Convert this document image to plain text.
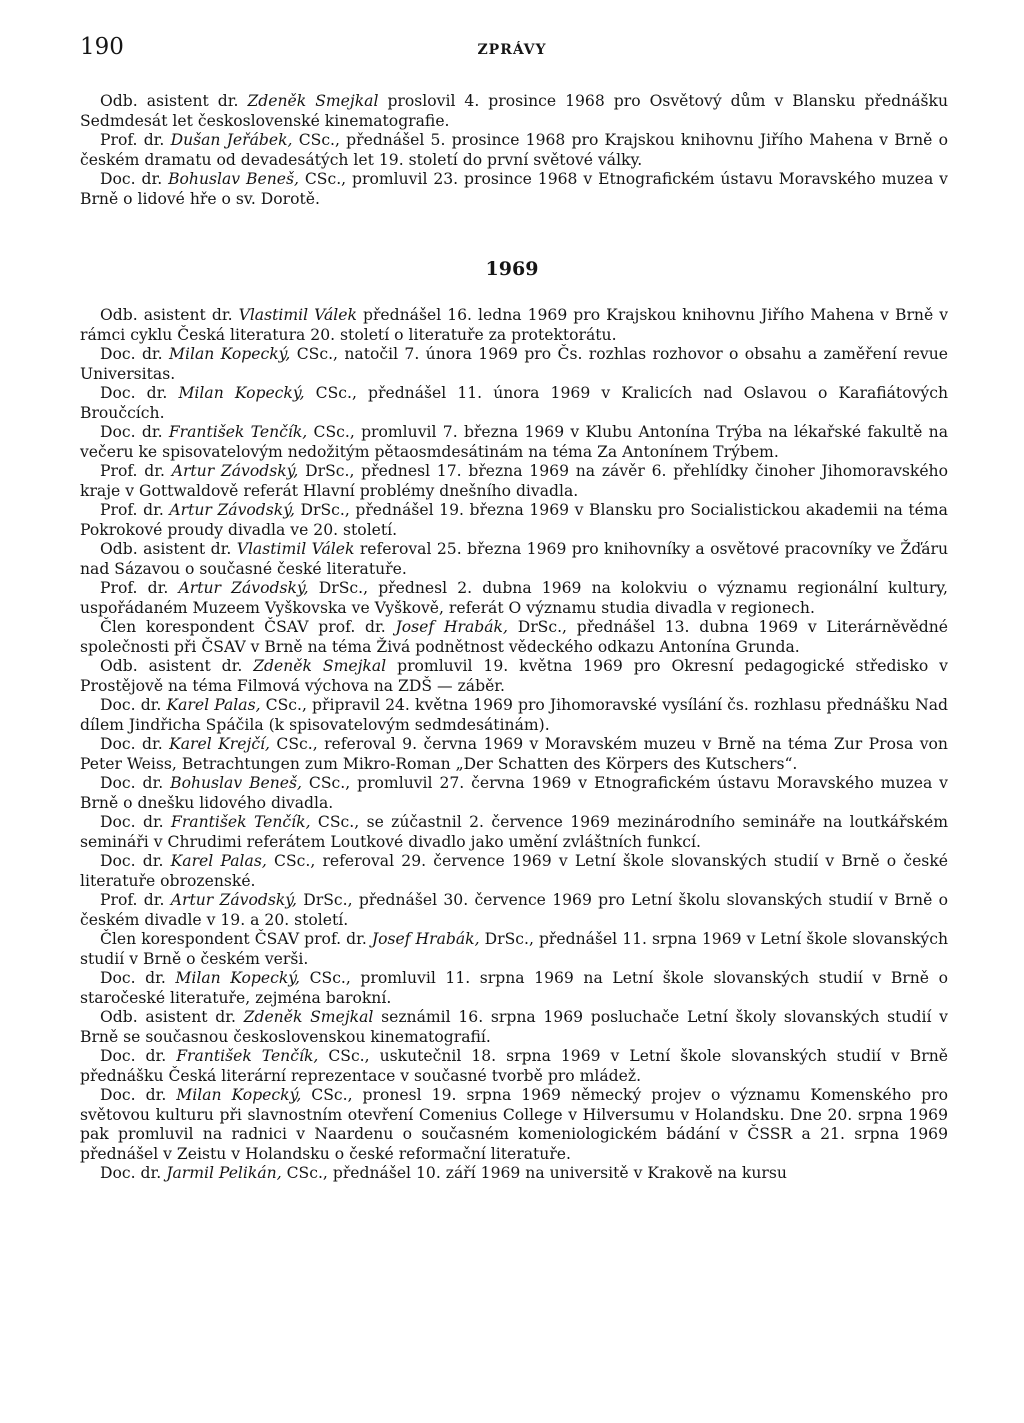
190	ZPRÁVY

Odb. asistent dr. Zdeněk Smejkal proslovil 4. prosince 1968 pro Osvětový dům v Blansku přednášku Sedmdesát let československé kinematografie.

Prof. dr. Dušan Jeřábek, CSc., přednášel 5. prosince 1968 pro Krajskou knihovnu Jiřího Mahena v Brně o českém dramatu od devadesátých let 19. století do první světové války.

Doc. dr. Bohuslav Beneš, CSc., promluvil 23. prosince 1968 v Etnografickém ústavu Moravského muzea v Brně o lidové hře o sv. Dorotě.

1969

Odb. asistent dr. Vlastimil Válek přednášel 16. ledna 1969 pro Krajskou knihovnu Jiřího Mahena v Brně v rámci cyklu Česká literatura 20. století o literatuře za protektorátu.

Doc. dr. Milan Kopecký, CSc., natočil 7. února 1969 pro Čs. rozhlas rozhovor o obsahu a zaměření revue Universitas.

Doc. dr. Milan Kopecký, CSc., přednášel 11. února 1969 v Kralicích nad Oslavou o Karafiátových Broučcích.

Doc. dr. František Tenčík, CSc., promluvil 7. března 1969 v Klubu Antonína Trýba na lékařské fakultě na večeru ke spisovatelovým nedožitým pětaosmdesátinám na téma Za Antonínem Trýbem.

Prof. dr. Artur Závodský, DrSc., přednesl 17. března 1969 na závěr 6. přehlídky činoher Jihomoravského kraje v Gottwaldově referát Hlavní problémy dnešního divadla.

Prof. dr. Artur Závodský, DrSc., přednášel 19. března 1969 v Blansku pro Socialistickou akademii na téma Pokrokové proudy divadla ve 20. století.

Odb. asistent dr. Vlastimil Válek referoval 25. března 1969 pro knihovníky a osvětové pracovníky ve Žďáru nad Sázavou o současné české literatuře.

Prof. dr. Artur Závodský, DrSc., přednesl 2. dubna 1969 na kolokviu o významu regionální kultury, uspořádaném Muzeem Vyškovska ve Vyškově, referát O významu studia divadla v regionech.

Člen korespondent ČSAV prof. dr. Josef Hrabák, DrSc., přednášel 13. dubna 1969 v Literárněvědné společnosti při ČSAV v Brně na téma Živá podnětnost vědeckého odkazu Antonína Grunda.

Odb. asistent dr. Zdeněk Smejkal promluvil 19. května 1969 pro Okresní pedagogické středisko v Prostějově na téma Filmová výchova na ZDŠ — záběr.

Doc. dr. Karel Palas, CSc., připravil 24. května 1969 pro Jihomoravské vysílání čs. rozhlasu přednášku Nad dílem Jindřicha Spáčila (k spisovatelovým sedmdesátinám).

Doc. dr. Karel Krejčí, CSc., referoval 9. června 1969 v Moravském muzeu v Brně na téma Zur Prosa von Peter Weiss, Betrachtungen zum Mikro-Roman „Der Schatten des Körpers des Kutschers“.

Doc. dr. Bohuslav Beneš, CSc., promluvil 27. června 1969 v Etnografickém ústavu Moravského muzea v Brně o dnešku lidového divadla.

Doc. dr. František Tenčík, CSc., se zúčastnil 2. července 1969 mezinárodního semináře na loutkářském semináři v Chrudimi referátem Loutkové divadlo jako umění zvláštních funkcí.

Doc. dr. Karel Palas, CSc., referoval 29. července 1969 v Letní škole slovanských studií v Brně o české literatuře obrozenské.

Prof. dr. Artur Závodský, DrSc., přednášel 30. července 1969 pro Letní školu slovanských studií v Brně o českém divadle v 19. a 20. století.

Člen korespondent ČSAV prof. dr. Josef Hrabák, DrSc., přednášel 11. srpna 1969 v Letní škole slovanských studií v Brně o českém verši.

Doc. dr. Milan Kopecký, CSc., promluvil 11. srpna 1969 na Letní škole slovanských studií v Brně o staročeské literatuře, zejména barokní.

Odb. asistent dr. Zdeněk Smejkal seznámil 16. srpna 1969 posluchače Letní školy slovanských studií v Brně se současnou československou kinematografií.

Doc. dr. František Tenčík, CSc., uskutečnil 18. srpna 1969 v Letní škole slovanských studií v Brně přednášku Česká literární reprezentace v současné tvorbě pro mládež.

Doc. dr. Milan Kopecký, CSc., pronesl 19. srpna 1969 německý projev o významu Komenského pro světovou kulturu při slavnostním otevření Comenius College v Hilversumu v Holandsku. Dne 20. srpna 1969 pak promluvil na radnici v Naardenu o současném komeniologickém bádání v ČSSR a 21. srpna 1969 přednášel v Zeistu v Holandsku o české reformační literatuře.

Doc. dr. Jarmil Pelikán, CSc., přednášel 10. září 1969 na universitě v Krakově na kursu
